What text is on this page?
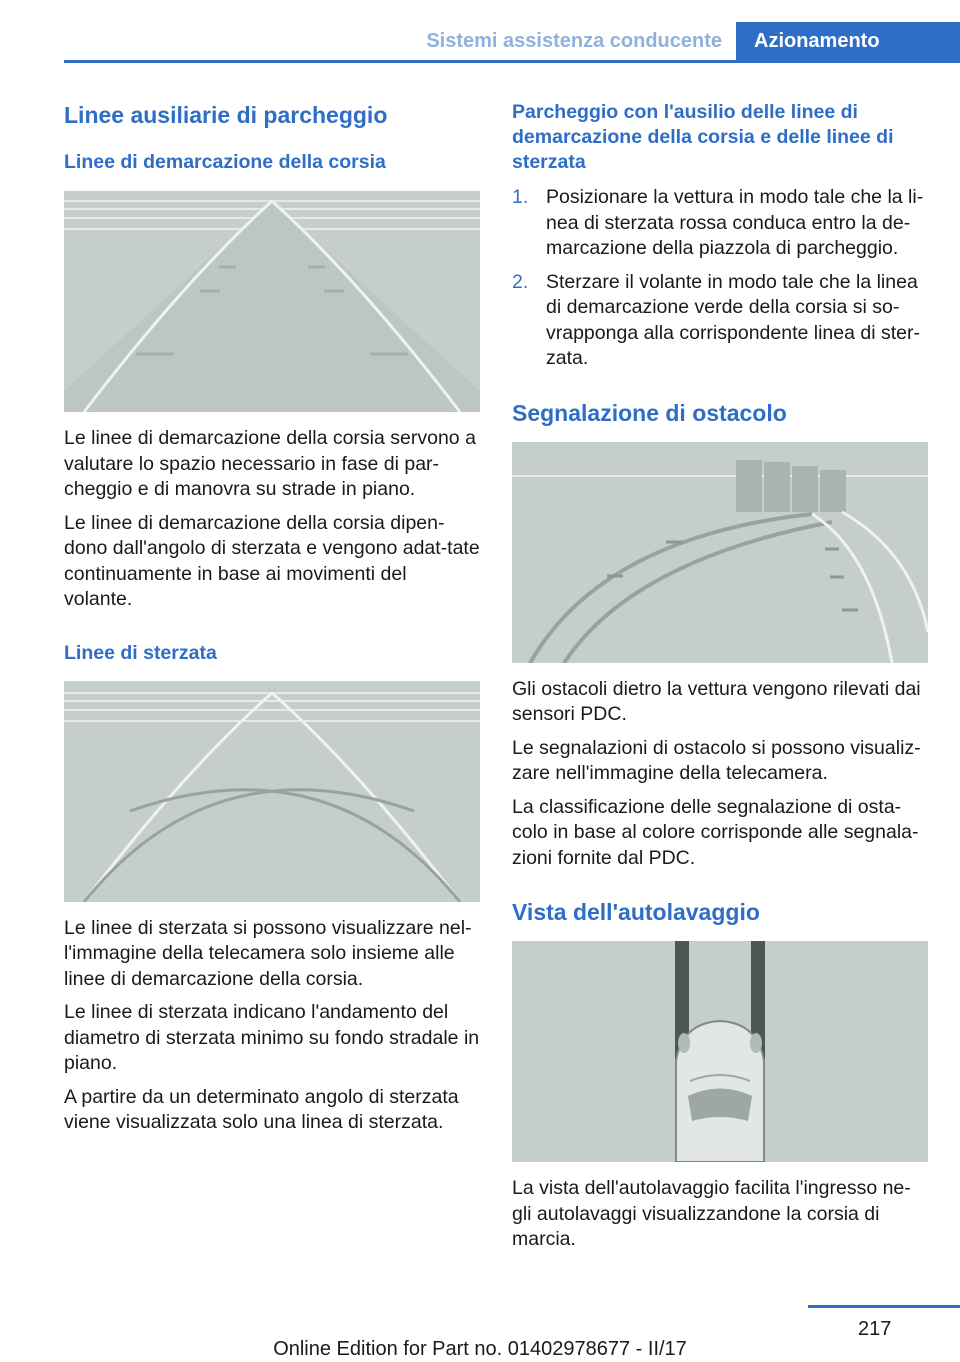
Sistemi assistenza conducente	Azionamento
Linee ausiliarie di parcheggio
Linee di demarcazione della corsia

Le linee di demarcazione della corsia servono a valutare lo spazio necessario in fase di par-cheggio e di manovra su strade in piano.

Le linee di demarcazione della corsia dipen-dono dall'angolo di sterzata e vengono adat-tate continuamente in base ai movimenti del volante.

Linee di sterzata

Le linee di sterzata si possono visualizzare nel-l'immagine della telecamera solo insieme alle linee di demarcazione della corsia.

Le linee di sterzata indicano l'andamento del diametro di sterzata minimo su fondo stradale in piano.

A partire da un determinato angolo di sterzata viene visualizzata solo una linea di sterzata.

Parcheggio con l'ausilio delle linee di demarcazione della corsia e delle linee di sterzata
1. Posizionare la vettura in modo tale che la li-nea di sterzata rossa conduca entro la de-marcazione della piazzola di parcheggio.
2. Sterzare il volante in modo tale che la linea di demarcazione verde della corsia si so-vrapponga alla corrispondente linea di ster-zata.
Segnalazione di ostacolo

Gli ostacoli dietro la vettura vengono rilevati dai sensori PDC.

Le segnalazioni di ostacolo si possono visualiz-zare nell'immagine della telecamera.

La classificazione delle segnalazione di osta-colo in base al colore corrisponde alle segnala-zioni fornite dal PDC.

Vista dell'autolavaggio

La vista dell'autolavaggio facilita l'ingresso ne-gli autolavaggi visualizzandone la corsia di marcia.

217
Online Edition for Part no. 01402978677 - II/17
